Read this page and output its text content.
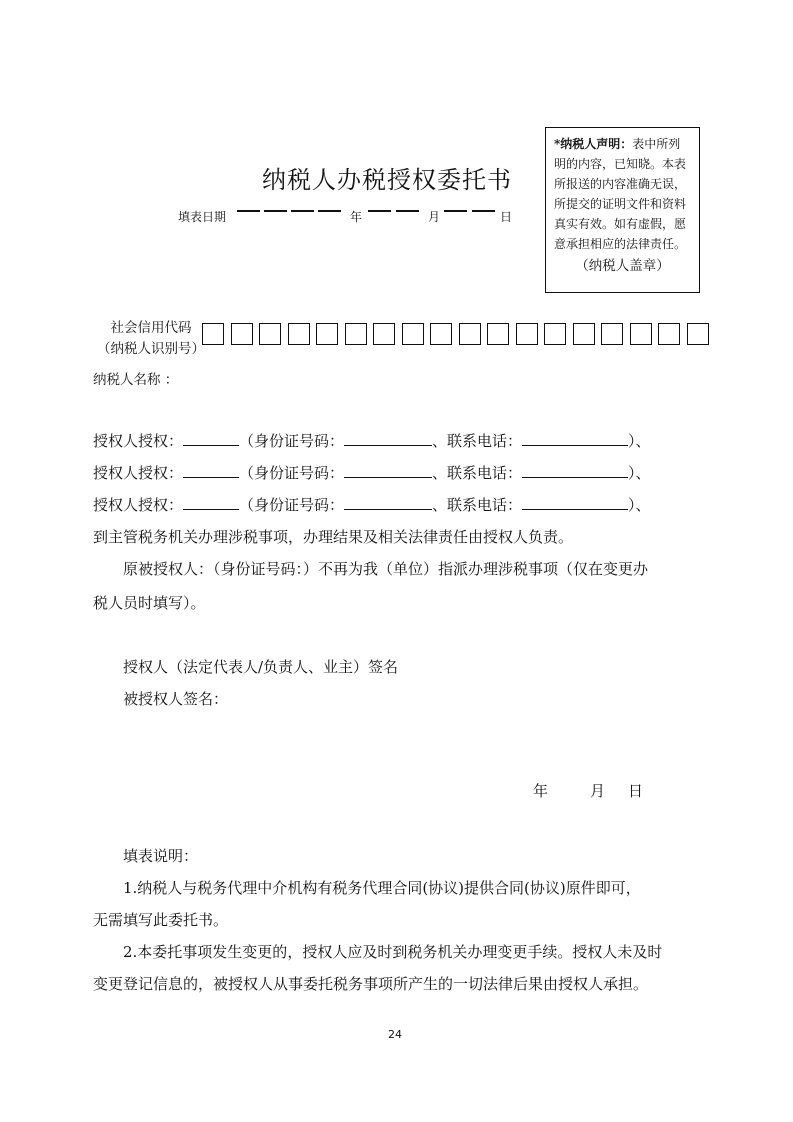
纳税人办税授权委托书
填表日期	年	月	日
*纳税人声明：表中所列明的内容，已知晓。本表所报送的内容准确无误，所提交的证明文件和资料真实有效。如有虚假，愿意承担相应的法律责任。
（纳税人盖章）
社会信用代码
（纳税人识别号）
纳税人名称 ：
授权人授权：	（身份证号码：	、联系电话：	）、
授权人授权：	（身份证号码：	、联系电话：	）、
授权人授权：	（身份证号码：	、联系电话：	）、
到主管税务机关办理涉税事项，办理结果及相关法律责任由授权人负责。
原被授权人：（身份证号码：）不再为我（单位）指派办理涉税事项（仅在变更办
税人员时填写）。
授权人（法定代表人/负责人、业主）签名
被授权人签名：
年	月 日
填表说明：
1.纳税人与税务代理中介机构有税务代理合同(协议)提供合同(协议)原件即可，
无需填写此委托书。
2.本委托事项发生变更的，授权人应及时到税务机关办理变更手续。授权人未及时
变更登记信息的，被授权人从事委托税务事项所产生的一切法律后果由授权人承担。
24
